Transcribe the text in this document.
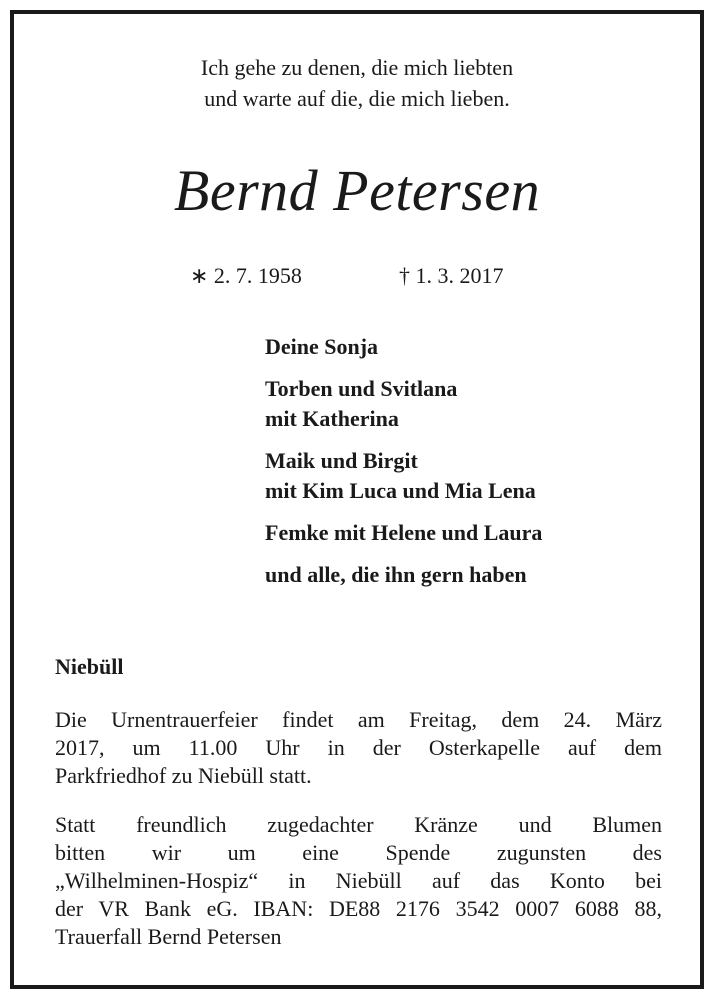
Ich gehe zu denen, die mich liebten
und warte auf die, die mich lieben.
Bernd Petersen
∗ 2. 7. 1958	† 1. 3. 2017
Deine Sonja
Torben und Svitlana
mit Katherina
Maik und Birgit
mit Kim Luca und Mia Lena
Femke mit Helene und Laura
und alle, die ihn gern haben
Niebüll
Die Urnentrauerfeier findet am Freitag, dem 24. März
2017, um 11.00 Uhr in der Osterkapelle auf dem
Parkfriedhof zu Niebüll statt.
Statt freundlich zugedachter Kränze und Blumen
bitten wir um eine Spende zugunsten des
„Wilhelminen-Hospiz“ in Niebüll auf das Konto bei
der VR Bank eG. IBAN: DE88 2176 3542 0007 6088 88,
Trauerfall Bernd Petersen
